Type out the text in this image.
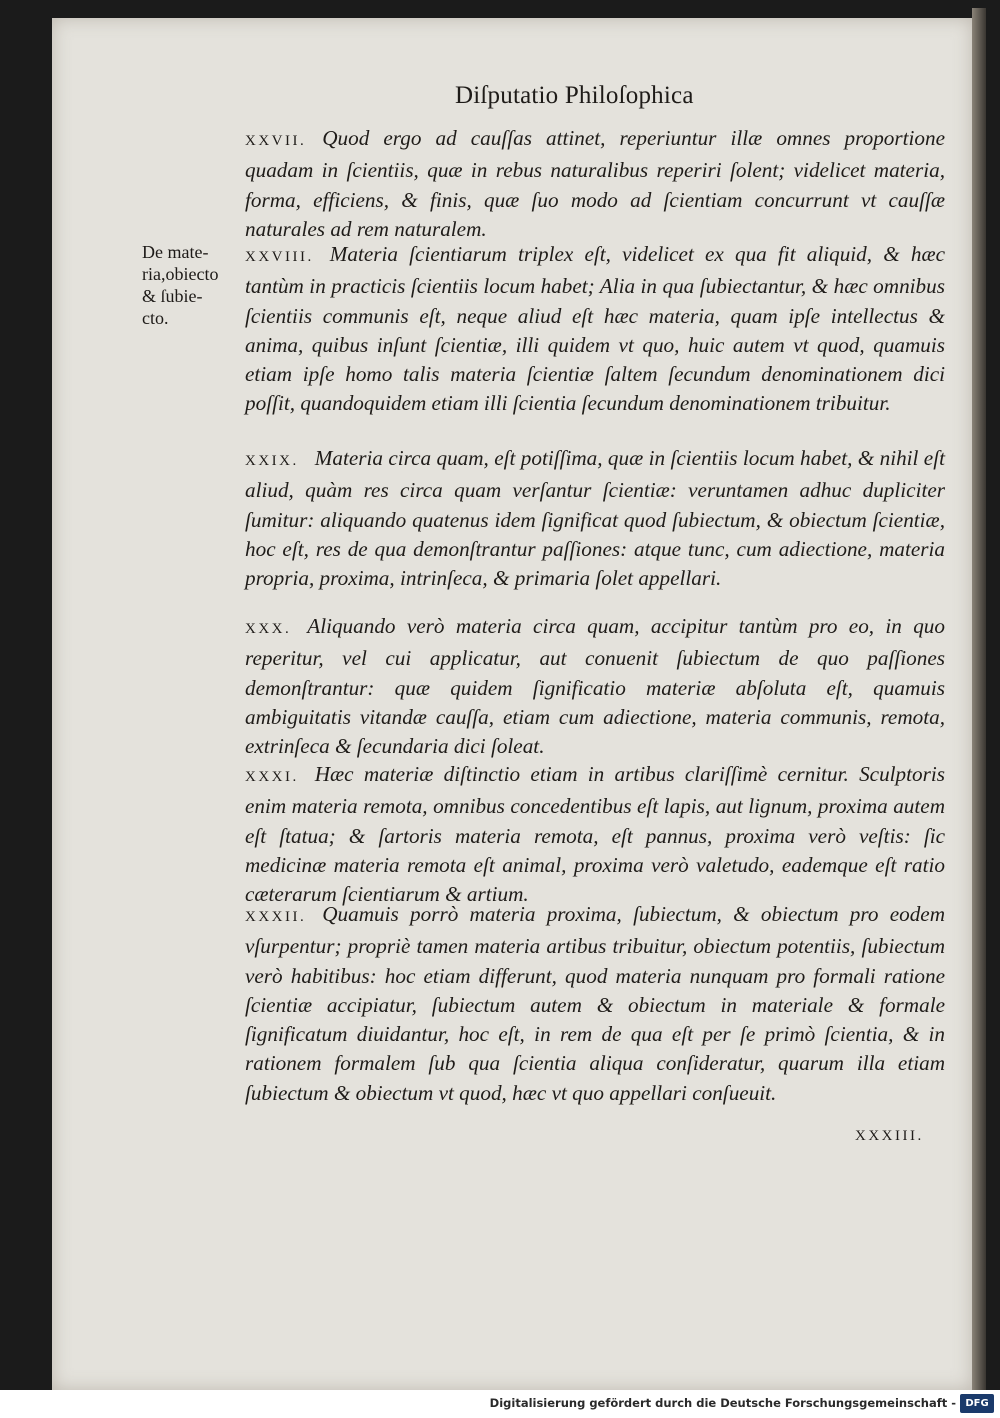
Diſputatio Philoſophica
De mate-
ria,obiecto
& ſubie-
cto.

XXVII. Quod ergo ad cauſſas attinet, reperiuntur illæ omnes proportione quadam in ſcientiis, quæ in rebus naturalibus reperiri ſolent; videlicet materia, forma, efficiens, & finis, quæ ſuo modo ad ſcientiam concurrunt vt cauſſæ naturales ad rem naturalem.

XXVIII. Materia ſcientiarum triplex eſt, videlicet ex qua fit aliquid, & hæc tantùm in practicis ſcientiis locum habet; Alia in qua ſubiectantur, & hæc omnibus ſcientiis communis eſt, neque aliud eſt hæc materia, quam ipſe intellectus & anima, quibus inſunt ſcientiæ, illi quidem vt quo, huic autem vt quod, quamuis etiam ipſe homo talis materia ſcientiæ ſaltem ſecundum denominationem dici poſſit, quandoquidem etiam illi ſcientia ſecundum denominationem tribuitur.

XXIX. Materia circa quam, eſt potiſſima, quæ in ſcientiis locum habet, & nihil eſt aliud, quàm res circa quam verſantur ſcientiæ: veruntamen adhuc dupliciter ſumitur: aliquando quatenus idem ſignificat quod ſubiectum, & obiectum ſcientiæ, hoc eſt, res de qua demonſtrantur paſſiones: atque tunc, cum adiectione, materia propria, proxima, intrinſeca, & primaria ſolet appellari.

XXX. Aliquando verò materia circa quam, accipitur tantùm pro eo, in quo reperitur, vel cui applicatur, aut conuenit ſubiectum de quo paſſiones demonſtrantur: quæ quidem ſignificatio materiæ abſoluta eſt, quamuis ambiguitatis vitandæ cauſſa, etiam cum adiectione, materia communis, remota, extrinſeca & ſecundaria dici ſoleat.

XXXI. Hæc materiæ diſtinctio etiam in artibus clariſſimè cernitur. Sculptoris enim materia remota, omnibus concedentibus eſt lapis, aut lignum, proxima autem eſt ſtatua; & ſartoris materia remota, eſt pannus, proxima verò veſtis: ſic medicinæ materia remota eſt animal, proxima verò valetudo, eademque eſt ratio cæterarum ſcientiarum & artium.

XXXII. Quamuis porrò materia proxima, ſubiectum, & obiectum pro eodem vſurpentur; propriè tamen materia artibus tribuitur, obiectum potentiis, ſubiectum verò habitibus: hoc etiam differunt, quod materia nunquam pro formali ratione ſcientiæ accipiatur, ſubiectum autem & obiectum in materiale & formale ſignificatum diuidantur, hoc eſt, in rem de qua eſt per ſe primò ſcientia, & in rationem formalem ſub qua ſcientia aliqua conſideratur, quarum illa etiam ſubiectum & obiectum vt quod, hæc vt quo appellari conſueuit.

XXXIII.
Digitalisierung gefördert durch die Deutsche Forschungsgemeinschaft - DFG
